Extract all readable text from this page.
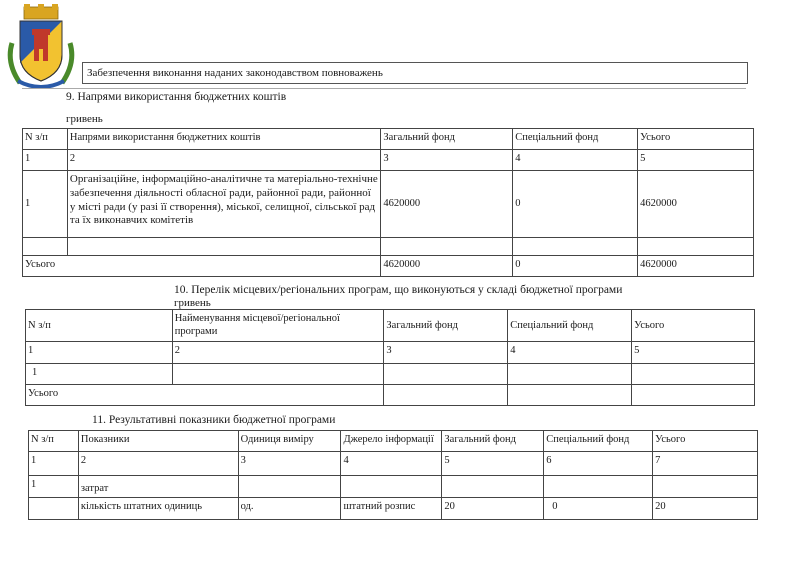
Забезпечення виконання наданих законодавством повноважень
9. Напрями використання бюджетних коштів
гривень
N з/п	Напрями використання бюджетних коштів	Загальний фонд	Спеціальний фонд	Усього
1	2	3	4	5
1	Організаційне, інформаційно-аналітичне та матеріально-технічне забезпечення діяльності обласної ради, районної ради, районної у місті ради (у разі її створення), міської, селищної, сільської рад та їх виконавчих комітетів	4620000	0	4620000

Усього		4620000	0	4620000
10. Перелік місцевих/регіональних програм, що виконуються у складі бюджетної програми
гривень
N з/п	Найменування місцевої/регіональної програми	Загальний фонд	Спеціальний фонд	Усього
1	2	3	4	5
1				
Усього				
11. Результативні показники бюджетної програми
N з/п	Показники	Одиниця виміру	Джерело інформації	Загальний фонд	Спеціальний фонд	Усього
1	2	3	4	5	6	7
1	затрат					
	кількість штатних одиниць	од.	штатний розпис	20	0	20
